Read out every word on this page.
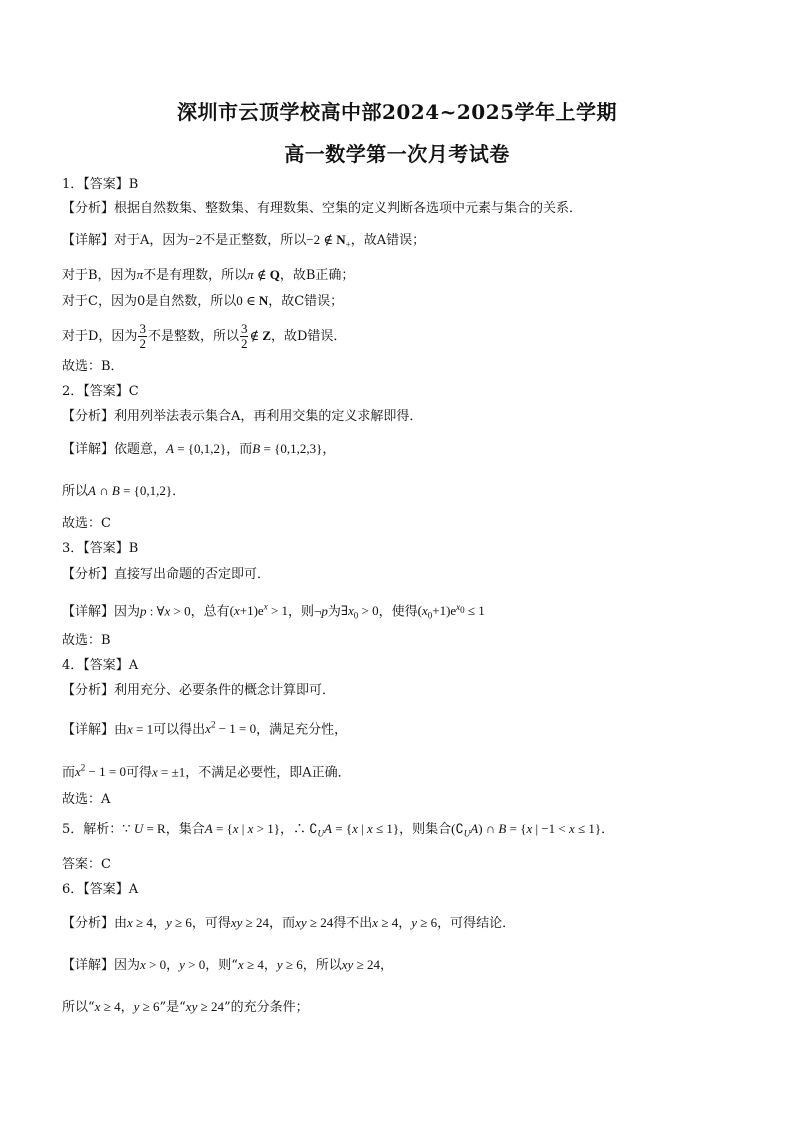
深圳市云顶学校高中部2024~2025学年上学期
高一数学第一次月考试卷
1．【答案】B
【分析】根据自然数集、整数集、有理数集、空集的定义判断各选项中元素与集合的关系．
【详解】对于A，因为−2不是正整数，所以−2 ∉ $N_+$，故A错误；
对于B，因为π不是有理数，所以π ∉ Q，故B正确；
对于C，因为0是自然数，所以0 ∈ N，故C错误；
对于D，因为 $\frac{3}{2}$ 不是整数，所以 $\frac{3}{2}$ ∉ Z，故D错误．
故选：B．
2．【答案】C
【分析】利用列举法表示集合A，再利用交集的定义求解即得．
【详解】依题意，A = {0,1,2}，而B = {0,1,2,3}，
所以A ∩ B = {0,1,2}．
故选：C
3．【答案】B
【分析】直接写出命题的否定即可．
【详解】因为p : ∀x > 0，总有$(x+1)e^x > 1$，则¬p为$\exists x_0 > 0$，使得$(x_0+1)e^{x_0} \le 1$
故选：B
4．【答案】A
【分析】利用充分、必要条件的概念计算即可．
【详解】由x = 1可以得出$x^2 - 1 = 0$，满足充分性，
而$x^2 - 1 = 0$可得x = ±1，不满足必要性，即A正确．
故选：A
5．解析：∵ U = R，集合A = {x | x > 1}，∴ $∁_UA = \{x$ | x ≤ 1}，则集合$(∁_UA)$ ∩ B = {x | −1 < x ≤ 1}．
答案：C
6．【答案】A
【分析】由x ≥ 4，y ≥ 6，可得xy ≥ 24，而xy ≥ 24得不出x ≥ 4，y ≥ 6，可得结论．
【详解】因为x > 0，y > 0，则“x ≥ 4，y ≥ 6，所以xy ≥ 24，
所以“x ≥ 4，y ≥ 6”是“xy ≥ 24”的充分条件；
